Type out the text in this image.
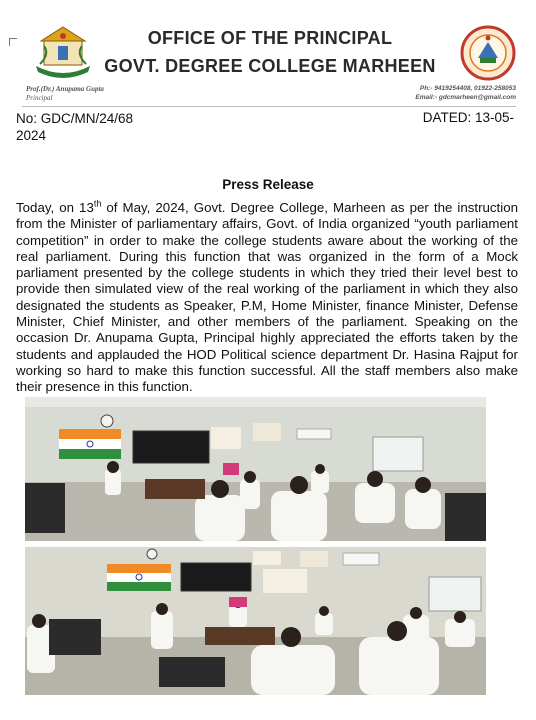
OFFICE OF THE PRINCIPAL
GOVT. DEGREE COLLEGE MARHEEN
Prof.(Dr.) Anupama Gupta
Principal
Ph:- 9419254408, 01922-258053
Email:- gdcmarheen@gmail.com
No: GDC/MN/24/68 2024
DATED: 13-05-
Press Release
Today, on 13th of May, 2024, Govt. Degree College, Marheen as per the instruction from the Minister of parliamentary affairs, Govt. of India organized “youth parliament competition” in order to make the college students aware about the working of the real parliament. During this function that was organized in the form of a Mock parliament presented by the college students in which they tried their level best to provide then simulated view of the real working of the parliament in which they also designated the students as Speaker, P.M, Home Minister, finance Minister, Defense Minister, Chief Minister, and other members of the parliament. Speaking on the occasion Dr. Anupama Gupta, Principal highly appreciated the efforts taken by the students and applauded the HOD Political science department Dr. Hasina Rajput for working so hard to make this function successful. All the staff members also make their presence in this function.
